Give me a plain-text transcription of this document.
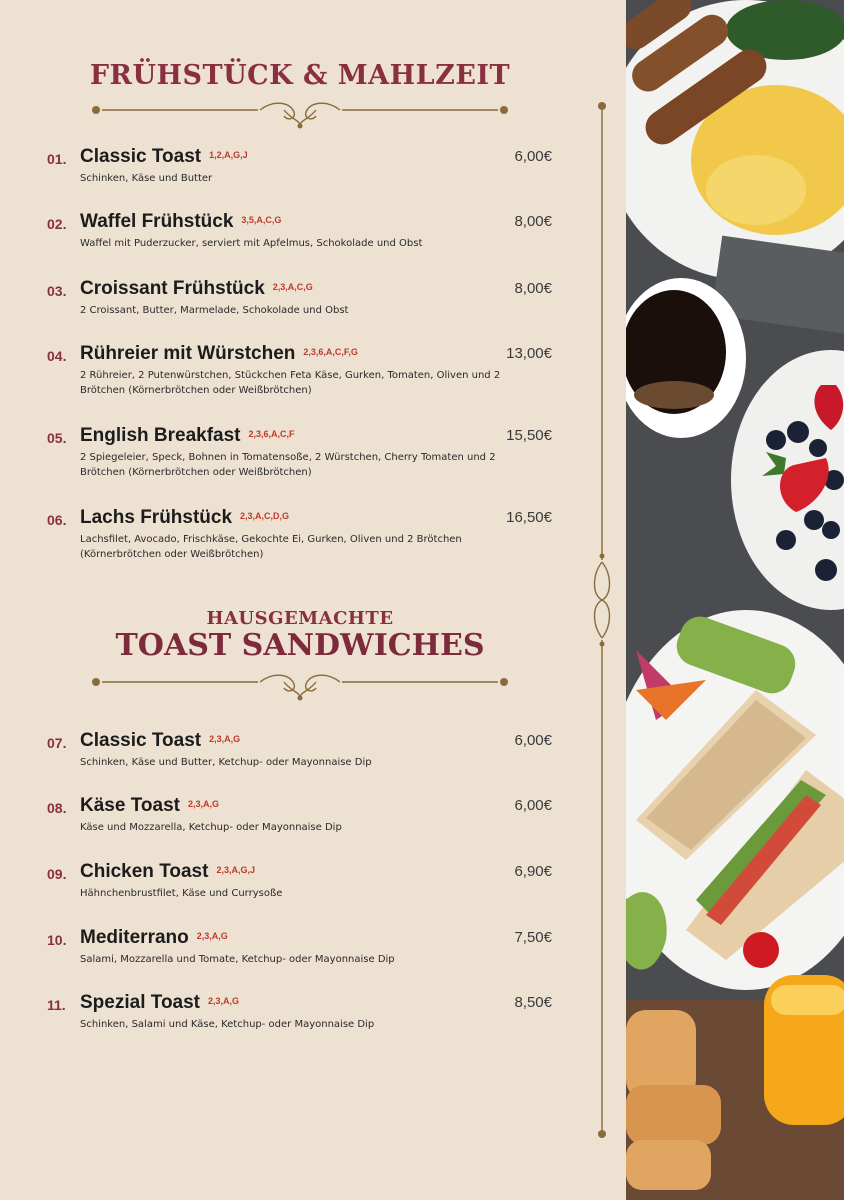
FRÜHSTÜCK & MAHLZEIT
01. Classic Toast $^{1,2,A,G,J}$	6,00€
Schinken, Käse und Butter
02. Waffel Frühstück $^{3,5,A,C,G}$	8,00€
Waffel mit Puderzucker, serviert mit Apfelmus, Schokolade und Obst
03. Croissant Frühstück $^{2,3,A,C,G}$	8,00€
2 Croissant, Butter, Marmelade, Schokolade und Obst
04. Rühreier mit Würstchen $^{2,3,6,A,C,F,G}$	13,00€
2 Rühreier, 2 Putenwürstchen, Stückchen Feta Käse, Gurken, Tomaten, Oliven und 2 Brötchen (Körnerbrötchen oder Weißbrötchen)
05. English Breakfast $^{2,3,6,A,C,F}$	15,50€
2 Spiegeleier, Speck, Bohnen in Tomatensoße, 2 Würstchen, Cherry Tomaten und 2 Brötchen (Körnerbrötchen oder Weißbrötchen)
06. Lachs Frühstück $^{2,3,A,C,D,G}$	16,50€
Lachsfilet, Avocado, Frischkäse, Gekochte Ei, Gurken, Oliven und 2 Brötchen (Körnerbrötchen oder Weißbrötchen)
HAUSGEMACHTE
TOAST SANDWICHES
07. Classic Toast $^{2,3,A,G}$	6,00€
Schinken, Käse und Butter, Ketchup- oder Mayonnaise Dip
08. Käse Toast $^{2,3,A,G}$	6,00€
Käse und Mozzarella, Ketchup- oder Mayonnaise Dip
09. Chicken Toast $^{2,3,A,G,J}$	6,90€
Hähnchenbrustfilet, Käse und Currysoße
10. Mediterrano $^{2,3,A,G}$	7,50€
Salami, Mozzarella und Tomate, Ketchup- oder Mayonnaise Dip
11. Spezial Toast $^{2,3,A,G}$	8,50€
Schinken, Salami und Käse, Ketchup- oder Mayonnaise Dip
